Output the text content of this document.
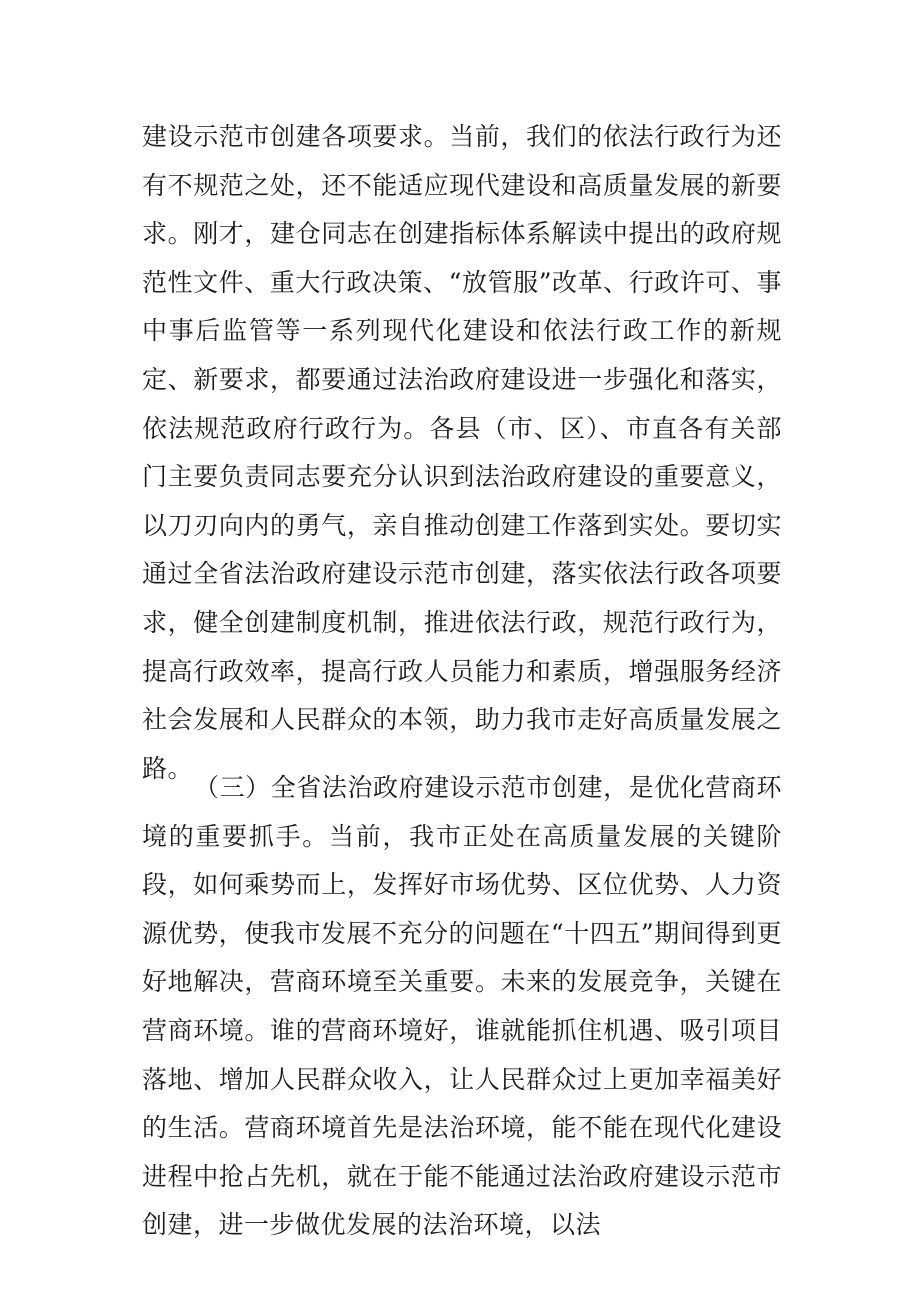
建设示范市创建各项要求。当前，我们的依法行政行为还有不规范之处，还不能适应现代建设和高质量发展的新要求。刚才，建仓同志在创建指标体系解读中提出的政府规范性文件、重大行政决策、“放管服”改革、行政许可、事中事后监管等一系列现代化建设和依法行政工作的新规定、新要求，都要通过法治政府建设进一步强化和落实，依法规范政府行政行为。各县（市、区）、市直各有关部门主要负责同志要充分认识到法治政府建设的重要意义，以刀刃向内的勇气，亲自推动创建工作落到实处。要切实通过全省法治政府建设示范市创建，落实依法行政各项要求，健全创建制度机制，推进依法行政，规范行政行为，提高行政效率，提高行政人员能力和素质，增强服务经济社会发展和人民群众的本领，助力我市走好高质量发展之路。

（三）全省法治政府建设示范市创建，是优化营商环境的重要抓手。当前，我市正处在高质量发展的关键阶段，如何乘势而上，发挥好市场优势、区位优势、人力资源优势，使我市发展不充分的问题在“十四五”期间得到更好地解决，营商环境至关重要。未来的发展竞争，关键在营商环境。谁的营商环境好，谁就能抓住机遇、吸引项目落地、增加人民群众收入，让人民群众过上更加幸福美好的生活。营商环境首先是法治环境，能不能在现代化建设进程中抢占先机，就在于能不能通过法治政府建设示范市创建，进一步做优发展的法治环境，以法
